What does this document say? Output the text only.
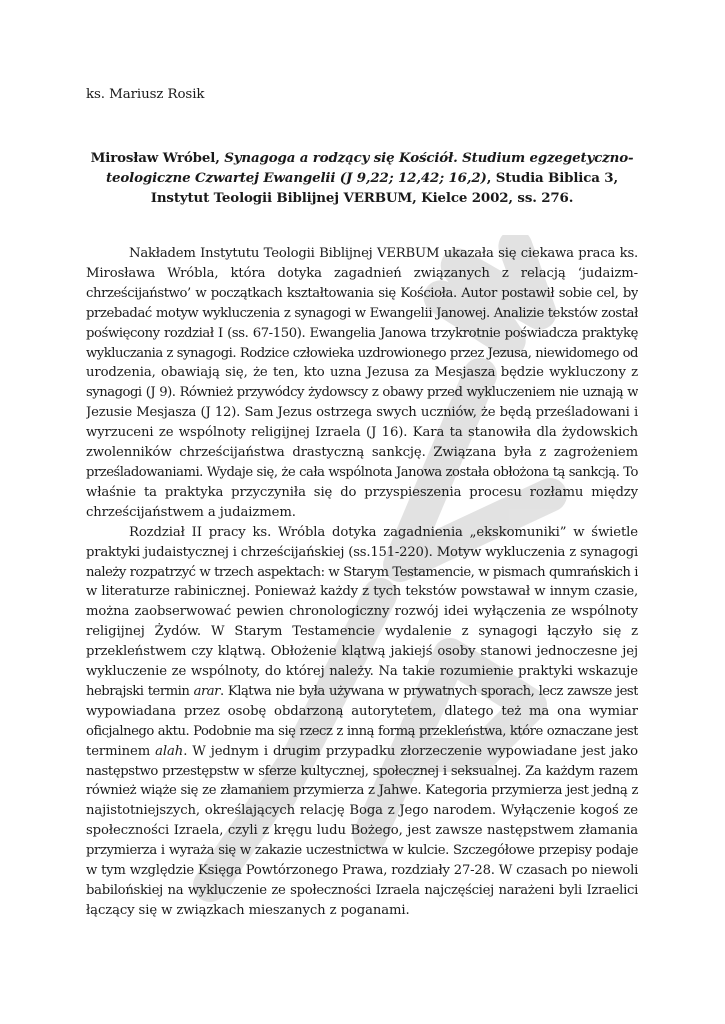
ks. Mariusz Rosik
Mirosław Wróbel, Synagoga a rodzący się Kościół. Studium egzegetyczno-
teologiczne Czwartej Ewangelii (J 9,22; 12,42; 16,2), Studia Biblica 3,
Instytut Teologii Biblijnej VERBUM, Kielce 2002, ss. 276.
Nakładem Instytutu Teologii Biblijnej VERBUM ukazała się ciekawa praca ks.
Mirosława Wróbla, która dotyka zagadnień związanych z relacją ‘judaizm-
chrześcijaństwo’ w początkach kształtowania się Kościoła. Autor postawił sobie cel, by
przebadać motyw wykluczenia z synagogi w Ewangelii Janowej. Analizie tekstów został
poświęcony rozdział I (ss. 67-150). Ewangelia Janowa trzykrotnie poświadcza praktykę
wykluczania z synagogi. Rodzice człowieka uzdrowionego przez Jezusa, niewidomego od
urodzenia, obawiają się, że ten, kto uzna Jezusa za Mesjasza będzie wykluczony z
synagogi (J 9). Również przywódcy żydowscy z obawy przed wykluczeniem nie uznają w
Jezusie Mesjasza (J 12). Sam Jezus ostrzega swych uczniów, że będą prześladowani i
wyrzuceni ze wspólnoty religijnej Izraela (J 16). Kara ta stanowiła dla żydowskich
zwolenników chrześcijaństwa drastyczną sankcję. Związana była z zagrożeniem
prześladowaniami. Wydaje się, że cała wspólnota Janowa została obłożona tą sankcją. To
właśnie ta praktyka przyczyniła się do przyspieszenia procesu rozłamu między
chrześcijaństwem a judaizmem.
Rozdział II pracy ks. Wróbla dotyka zagadnienia „ekskomuniki” w świetle
praktyki judaistycznej i chrześcijańskiej (ss.151-220). Motyw wykluczenia z synagogi
należy rozpatrzyć w trzech aspektach: w Starym Testamencie, w pismach qumrańskich i
w literaturze rabinicznej. Ponieważ każdy z tych tekstów powstawał w innym czasie,
można zaobserwować pewien chronologiczny rozwój idei wyłączenia ze wspólnoty
religijnej Żydów. W Starym Testamencie wydalenie z synagogi łączyło się z
przekleństwem czy klątwą. Obłożenie klątwą jakiejś osoby stanowi jednoczesne jej
wykluczenie ze wspólnoty, do której należy. Na takie rozumienie praktyki wskazuje
hebrajski termin arar. Klątwa nie była używana w prywatnych sporach, lecz zawsze jest
wypowiadana przez osobę obdarzoną autorytetem, dlatego też ma ona wymiar
oficjalnego aktu. Podobnie ma się rzecz z inną formą przekleństwa, które oznaczane jest
terminem alah. W jednym i drugim przypadku złorzeczenie wypowiadane jest jako
następstwo przestępstw w sferze kultycznej, społecznej i seksualnej. Za każdym razem
również wiąże się ze złamaniem przymierza z Jahwe. Kategoria przymierza jest jedną z
najistotniejszych, określających relację Boga z Jego narodem. Wyłączenie kogoś ze
społeczności Izraela, czyli z kręgu ludu Bożego, jest zawsze następstwem złamania
przymierza i wyraża się w zakazie uczestnictwa w kulcie. Szczegółowe przepisy podaje
w tym względzie Księga Powtórzonego Prawa, rozdziały 27-28. W czasach po niewoli
babilońskiej na wykluczenie ze społeczności Izraela najczęściej narażeni byli Izraelici
łączący się w związkach mieszanych z poganami.
